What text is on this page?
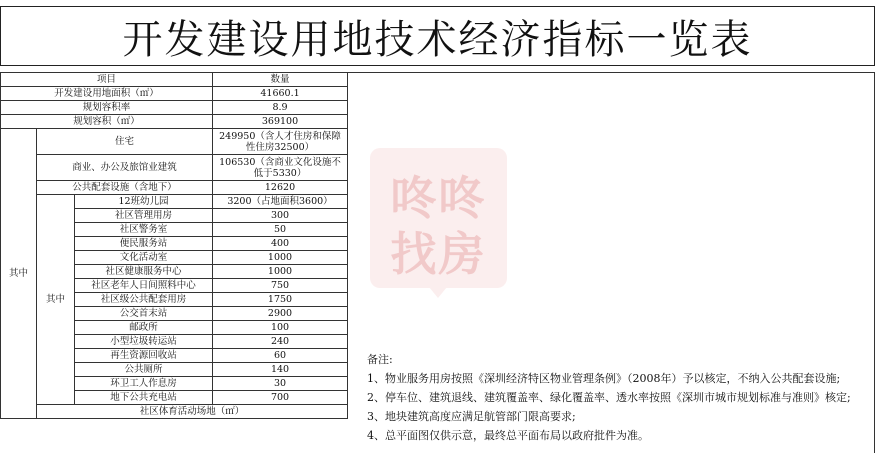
开发建设用地技术经济指标一览表
项目			数量	
开发建设用地面积（㎡）			41660.1	
规划容积率			8.9	
规划容积（㎡）			369100	
其中	住宅		249950（含人才住房和保障性住房32500）	
	商业、办公及旅馆业建筑		106530（含商业文化设施不低于5330）	
	公共配套设施（含地下）		12620	
	其中	12班幼儿园	3200（占地面积3600）	
		社区管理用房	300	
		社区警务室	50	
		便民服务站	400	
		文化活动室	1000	
		社区健康服务中心	1000	
		社区老年人日间照料中心	750	
		社区级公共配套用房	1750	
		公交首末站	2900	
		邮政所	100	
		小型垃圾转运站	240	
		再生资源回收站	60	
		公共厕所	140	
		环卫工人作息房	30	
		地下公共充电站	700	
	社区体育活动场地（㎡）	
咚咚
找房
备注:
1、物业服务用房按照《深圳经济特区物业管理条例》（2008年）予以核定，不纳入公共配套设施;
2、停车位、建筑退线、建筑覆盖率、绿化覆盖率、透水率按照《深圳市城市规划标准与准则》核定;
3、地块建筑高度应满足航管部门限高要求;
4、总平面图仅供示意，最终总平面布局以政府批件为准。
